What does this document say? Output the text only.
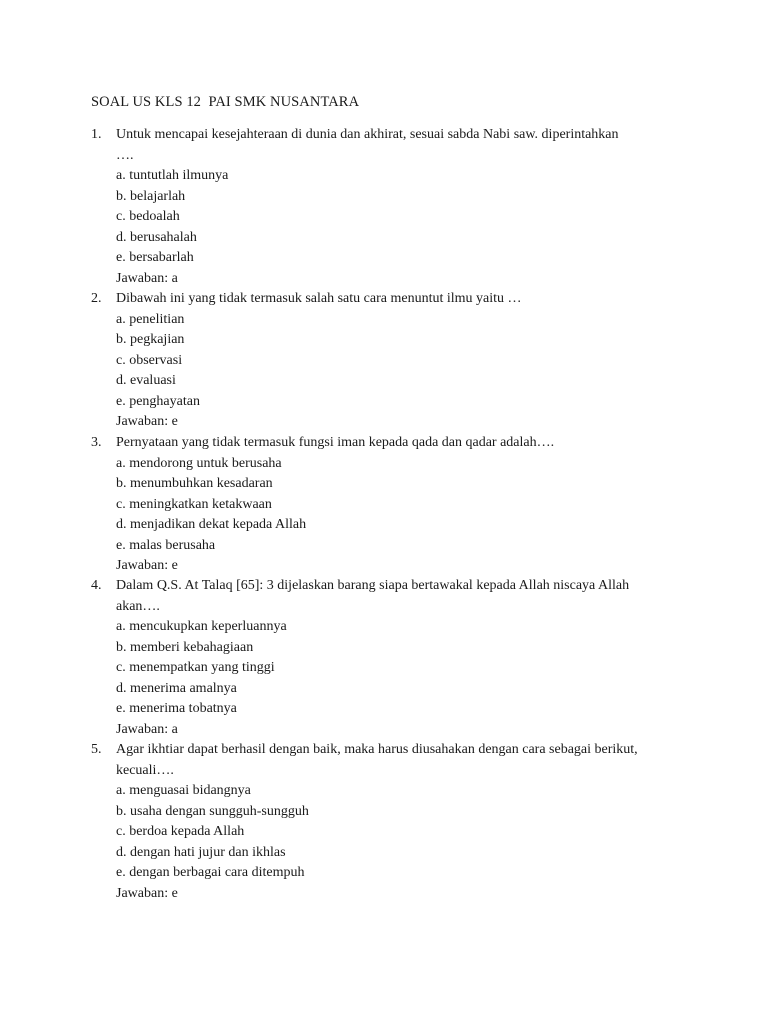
SOAL US KLS 12  PAI SMK NUSANTARA
1. Untuk mencapai kesejahteraan di dunia dan akhirat, sesuai sabda Nabi saw. diperintahkan
….
a. tuntutlah ilmunya
b. belajarlah
c. bedoalah
d. berusahalah
e. bersabarlah
Jawaban: a
2. Dibawah ini yang tidak termasuk salah satu cara menuntut ilmu yaitu …
a. penelitian
b. pegkajian
c. observasi
d. evaluasi
e. penghayatan
Jawaban: e
3. Pernyataan yang tidak termasuk fungsi iman kepada qada dan qadar adalah….
a. mendorong untuk berusaha
b. menumbuhkan kesadaran
c. meningkatkan ketakwaan
d. menjadikan dekat kepada Allah
e. malas berusaha
Jawaban: e
4. Dalam Q.S. At Talaq [65]: 3 dijelaskan barang siapa bertawakal kepada Allah niscaya Allah
akan….
a. mencukupkan keperluannya
b. memberi kebahagiaan
c. menempatkan yang tinggi
d. menerima amalnya
e. menerima tobatnya
Jawaban: a
5. Agar ikhtiar dapat berhasil dengan baik, maka harus diusahakan dengan cara sebagai berikut,
kecuali….
a. menguasai bidangnya
b. usaha dengan sungguh-sungguh
c. berdoa kepada Allah
d. dengan hati jujur dan ikhlas
e. dengan berbagai cara ditempuh
Jawaban: e
